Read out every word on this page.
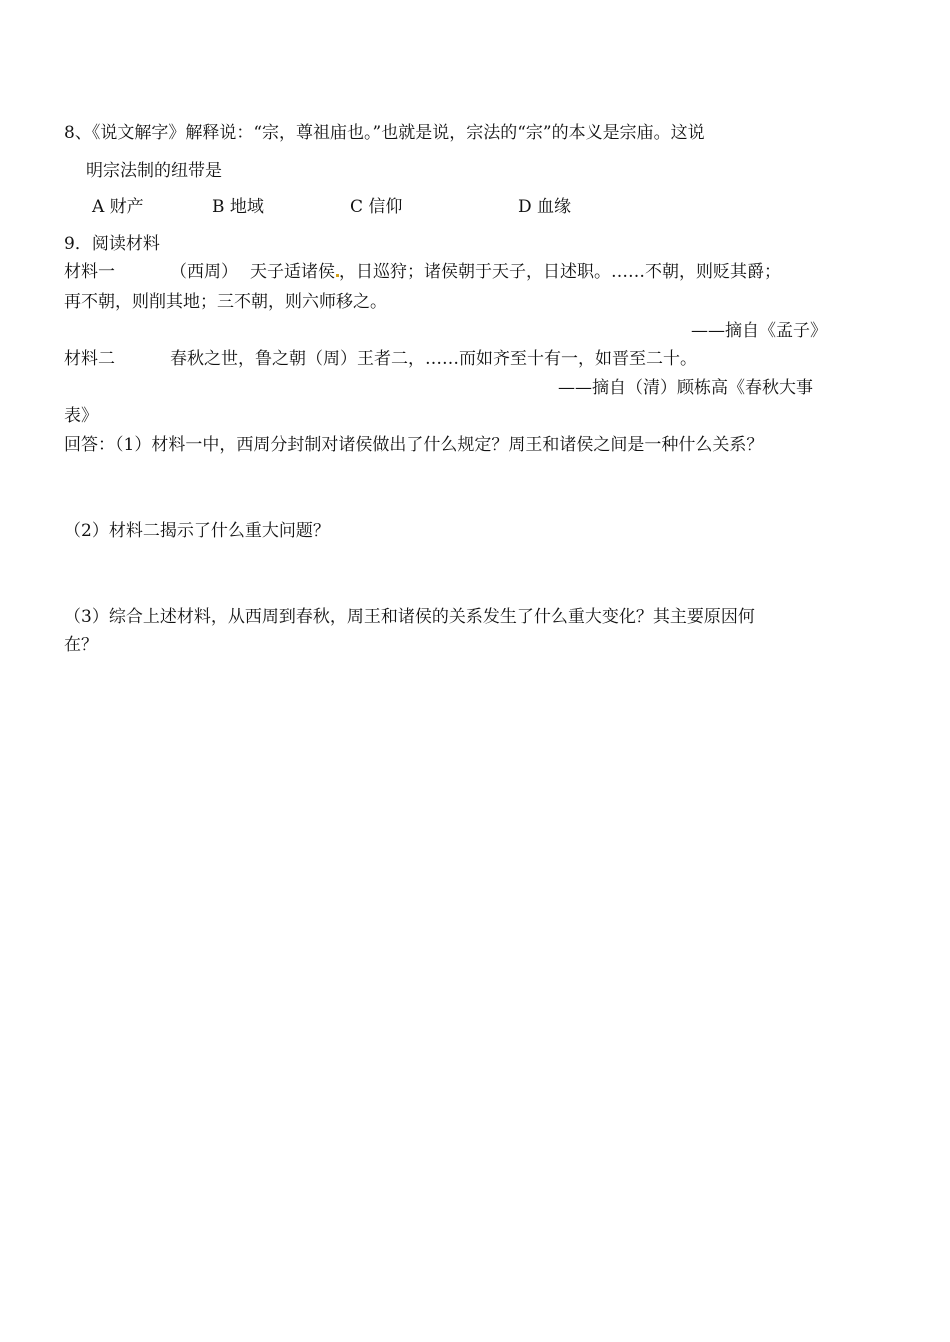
8、《说文解字》解释说：“宗，尊祖庙也。”也就是说，宗法的“宗”的本义是宗庙。这说
明宗法制的纽带是
A 财产	B 地域	C 信仰	D 血缘
9．阅读材料
材料一	（西周） 天子适诸侯 ，日巡狩；诸侯朝于天子，日述职。……不朝，则贬其爵；
再不朝，则削其地；三不朝，则六师移之。
——摘自《孟子》
材料二	春秋之世，鲁之朝（周）王者二，……而如齐至十有一，如晋至二十。
——摘自（清）顾栋高《春秋大事
表》
回答：（1）材料一中，西周分封制对诸侯做出了什么规定？周王和诸侯之间是一种什么关系？
（2）材料二揭示了什么重大问题？
（3）综合上述材料，从西周到春秋，周王和诸侯的关系发生了什么重大变化？其主要原因何
在？
